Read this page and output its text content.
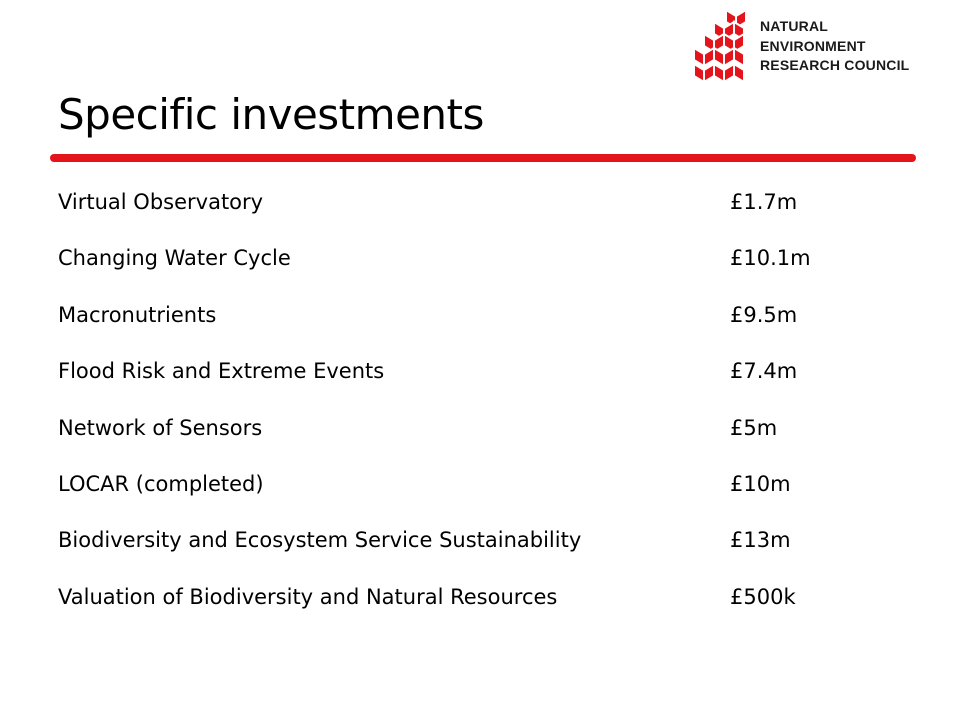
NATURAL
ENVIRONMENT
RESEARCH COUNCIL
Specific investments
Virtual Observatory	£1.7m
Changing Water Cycle	£10.1m
Macronutrients	£9.5m
Flood Risk and Extreme Events	£7.4m
Network of Sensors	£5m
LOCAR (completed)	£10m
Biodiversity and Ecosystem Service Sustainability	£13m
Valuation of Biodiversity and Natural Resources	£500k
